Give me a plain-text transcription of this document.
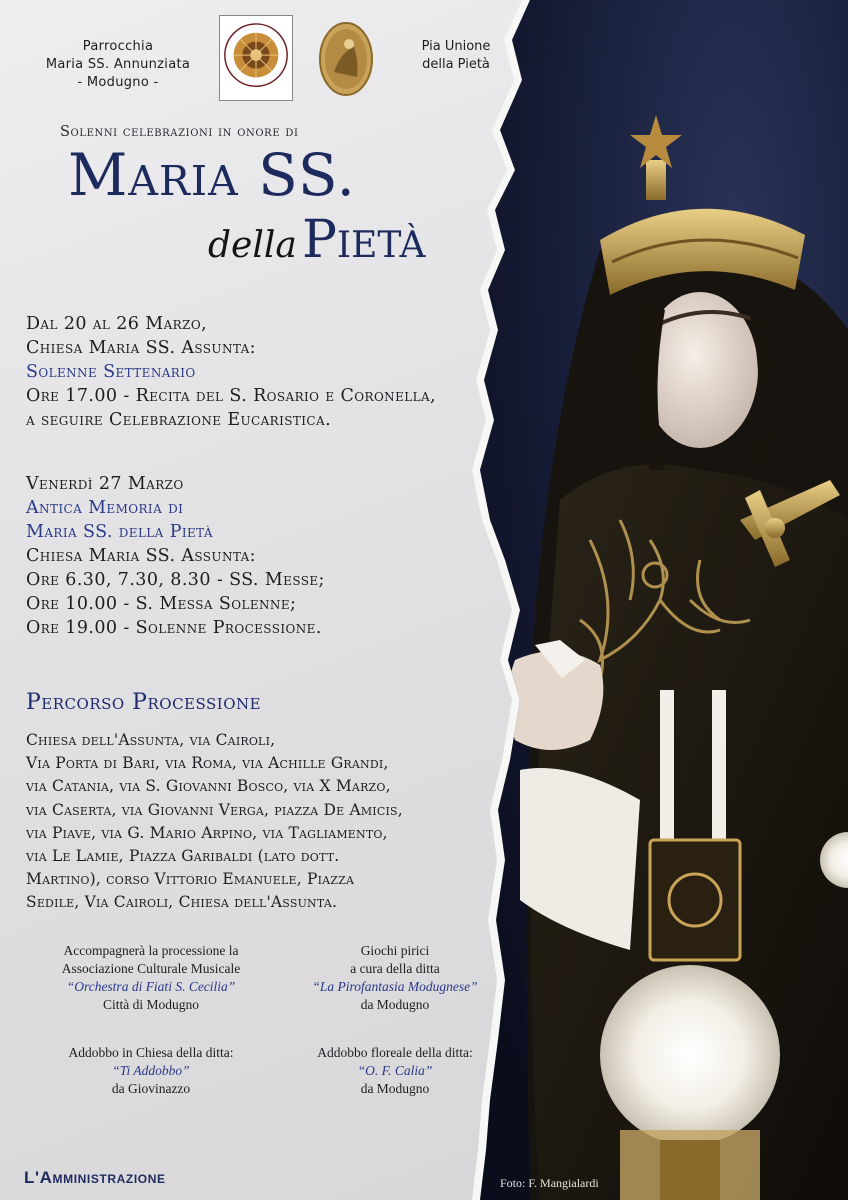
Parrocchia
Maria SS. Annunziata
- Modugno -
Pia Unione
della Pietà
Solenni celebrazioni in onore di
Maria SS.
della Pietà
Dal 20 al 26 Marzo,
Chiesa Maria SS. Assunta:
Solenne Settenario
Ore 17.00 - Recita del S. Rosario e Coronella,
a seguire Celebrazione Eucaristica.
Venerdì 27 Marzo
Antica Memoria di
Maria SS. della Pietà
Chiesa Maria SS. Assunta:
Ore 6.30, 7.30, 8.30 - SS. Messe;
Ore 10.00 - S. Messa Solenne;
Ore 19.00 - Solenne Processione.
Percorso Processione
Chiesa dell'Assunta, via Cairoli,
Via Porta di Bari, via Roma, via Achille Grandi,
via Catania, via S. Giovanni Bosco, via X Marzo,
via Caserta, via Giovanni Verga, piazza De Amicis,
via Piave, via G. Mario Arpino, via Tagliamento,
via Le Lamie, Piazza Garibaldi (lato dott.
Martino), corso Vittorio Emanuele, Piazza
Sedile, Via Cairoli, Chiesa dell'Assunta.
Accompagnerà la processione la
Associazione Culturale Musicale
“Orchestra di Fiati S. Cecilia”
Città di Modugno
Giochi pirici
a cura della ditta
“La Pirofantasia Modugnese”
da Modugno
Addobbo in Chiesa della ditta:
“Ti Addobbo”
da Giovinazzo
Addobbo floreale della ditta:
“O. F. Calia”
da Modugno
L'Amministrazione	Foto: F. Mangialardi
